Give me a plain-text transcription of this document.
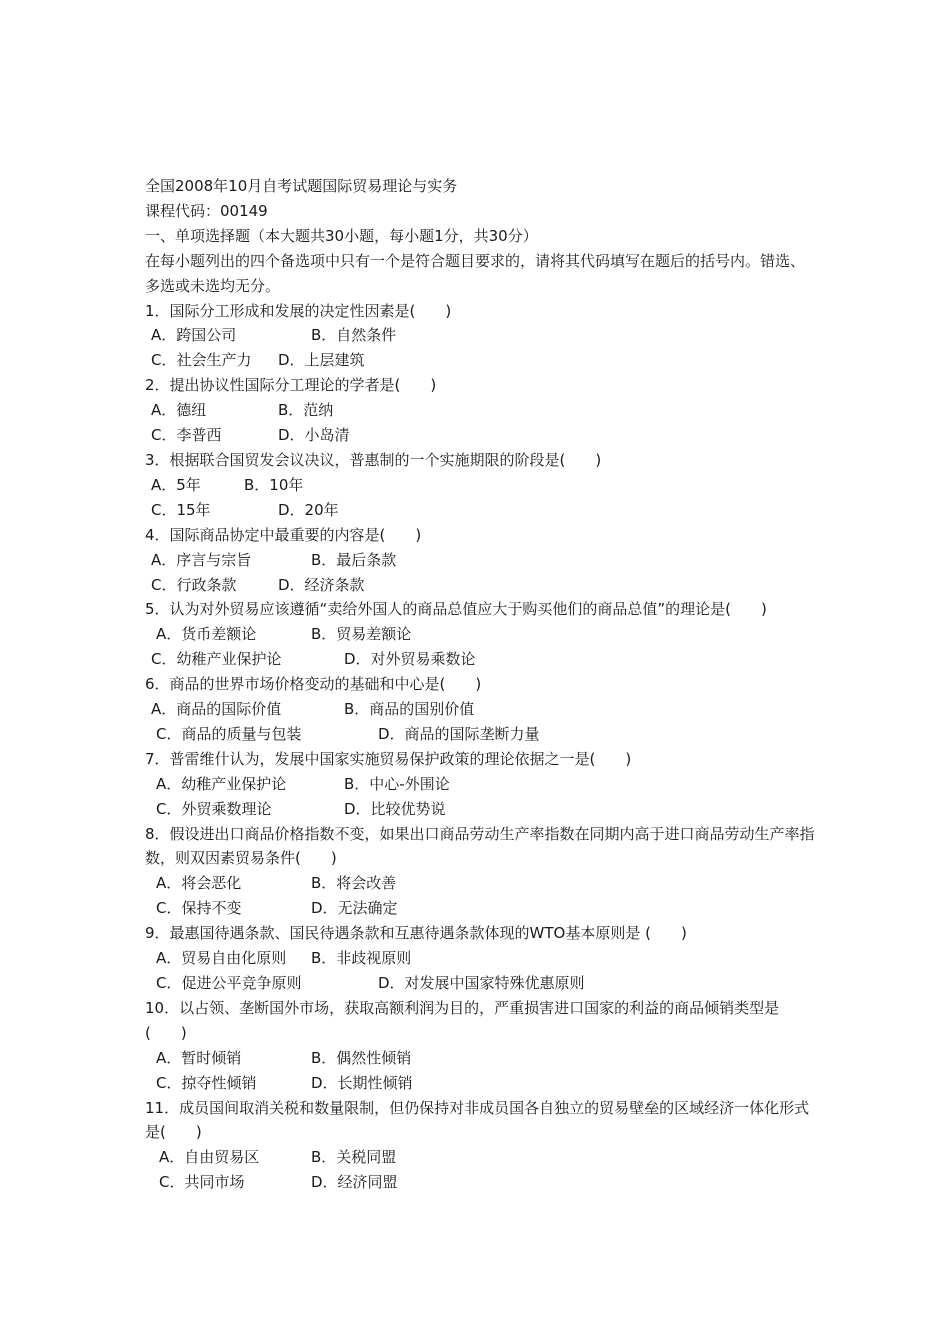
全国2008年10月自考试题国际贸易理论与实务
课程代码：00149
一、单项选择题（本大题共30小题，每小题1分，共30分）
在每小题列出的四个备选项中只有一个是符合题目要求的，请将其代码填写在题后的括号内。错选、多选或未选均无分。
1．国际分工形成和发展的决定性因素是(　　)
A．跨国公司	B．自然条件
C．社会生产力 D．上层建筑
2．提出协议性国际分工理论的学者是(　　)
A．德纽	B．范纳
C．李普西	D．小岛清
3．根据联合国贸发会议决议，普惠制的一个实施期限的阶段是(　　)
A．5年	B．10年
C．15年	D．20年
4．国际商品协定中最重要的内容是(　　)
A．序言与宗旨	B．最后条款
C．行政条款	D．经济条款
5．认为对外贸易应该遵循“卖给外国人的商品总值应大于购买他们的商品总值”的理论是(　　)
A．货币差额论	B．贸易差额论
C．幼稚产业保护论	D．对外贸易乘数论
6．商品的世界市场价格变动的基础和中心是(　　)
A．商品的国际价值	B．商品的国别价值
C．商品的质量与包装	D．商品的国际垄断力量
7．普雷维什认为，发展中国家实施贸易保护政策的理论依据之一是(　　)
A．幼稚产业保护论	B．中心-外围论
C．外贸乘数理论	D．比较优势说
8．假设进出口商品价格指数不变，如果出口商品劳动生产率指数在同期内高于进口商品劳动生产率指数，则双因素贸易条件(　　)
A．将会恶化	B．将会改善
C．保持不变	D．无法确定
9．最惠国待遇条款、国民待遇条款和互惠待遇条款体现的WTO基本原则是 (　　)
A．贸易自由化原则 B．非歧视原则
C．促进公平竞争原则	D．对发展中国家特殊优惠原则
10．以占领、垄断国外市场，获取高额利润为目的，严重损害进口国家的利益的商品倾销类型是(　　)
A．暂时倾销	B．偶然性倾销
C．掠夺性倾销	D．长期性倾销
11．成员国间取消关税和数量限制，但仍保持对非成员国各自独立的贸易壁垒的区域经济一体化形式是(　　)
A．自由贸易区	B．关税同盟
C．共同市场	D．经济同盟
